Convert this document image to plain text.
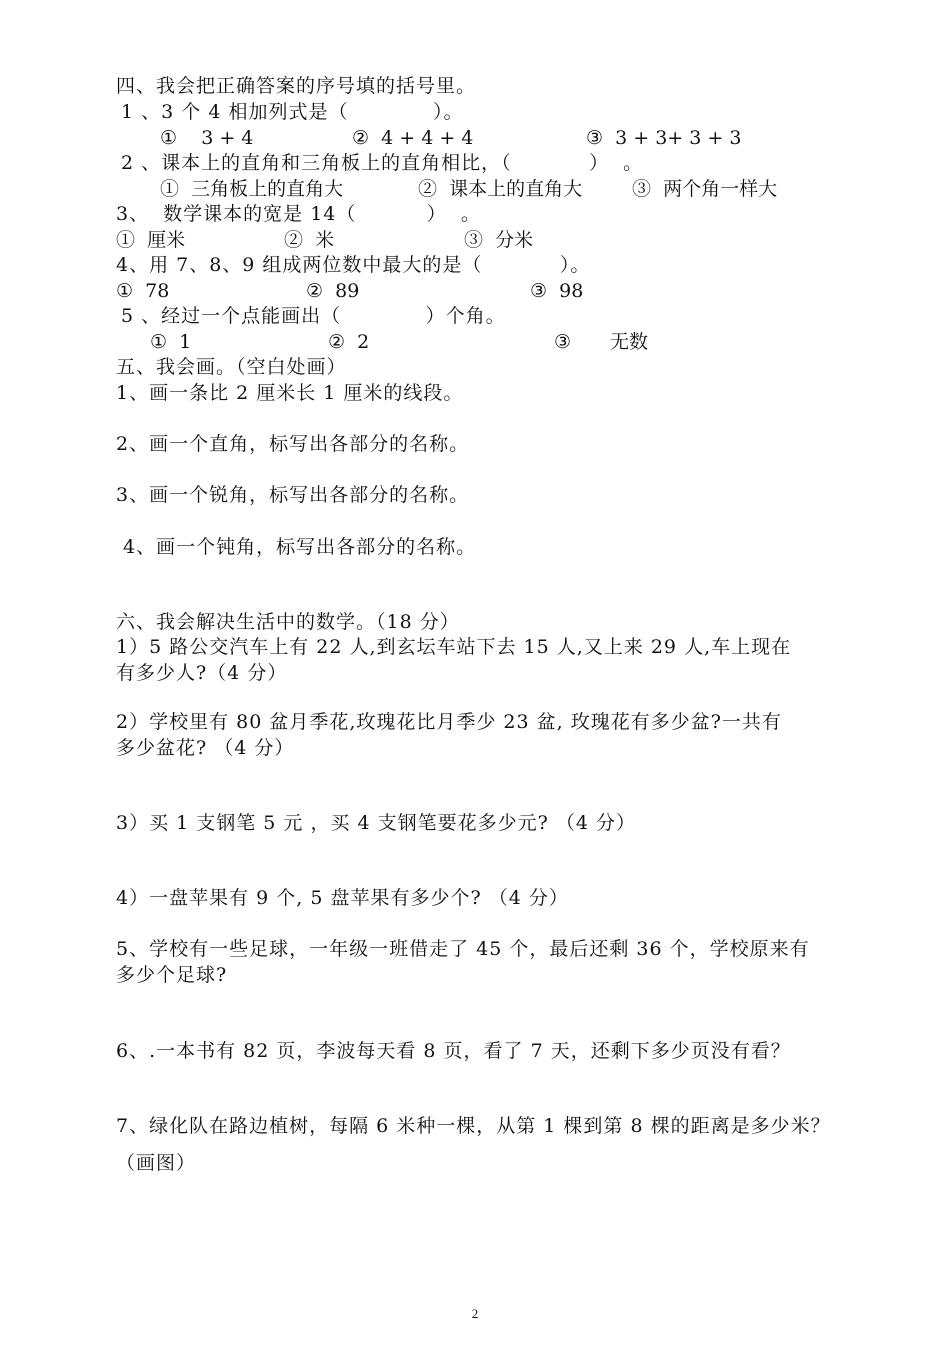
四、我会把正确答案的序号填的括号里。
1 、3 个 4 相加列式是（            ）。
①    3 + 4	②  4 + 4 + 4	③  3 + 3+ 3 + 3
2 、课本上的直角和三角板上的直角相比，（           ）  。
①  三角板上的直角大	②  课本上的直角大	③  两个角一样大
3、  数学课本的宽是 14（          ）  。
①  厘米	②  米	③  分米
4、用 7、8、9 组成两位数中最大的是（           ）。
①  78	②  89	③  98
5 、经过一个点能画出（            ）个角。
①  1	②  2	③ 无数
五、我会画。（空白处画）
1、画一条比 2 厘米长 1 厘米的线段。
2、画一个直角，标写出各部分的名称。
3、画一个锐角，标写出各部分的名称。
4、画一个钝角，标写出各部分的名称。
六、我会解决生活中的数学。（18 分）
1）5 路公交汽车上有 22 人,到玄坛车站下去 15 人,又上来 29 人,车上现在
有多少人?（4 分）
2）学校里有 80 盆月季花,玫瑰花比月季少 23 盆, 玫瑰花有多少盆?一共有
多少盆花? （4 分）
3）买 1 支钢笔 5 元 ，买 4 支钢笔要花多少元? （4 分）
4）一盘苹果有 9 个, 5 盘苹果有多少个? （4 分）
5、学校有一些足球，一年级一班借走了 45 个，最后还剩 36 个，学校原来有
多少个足球?
6、.一本书有 82 页，李波每天看 8 页，看了 7 天，还剩下多少页没有看？
7、绿化队在路边植树，每隔 6 米种一棵，从第 1 棵到第 8 棵的距离是多少米？
（画图）
2
